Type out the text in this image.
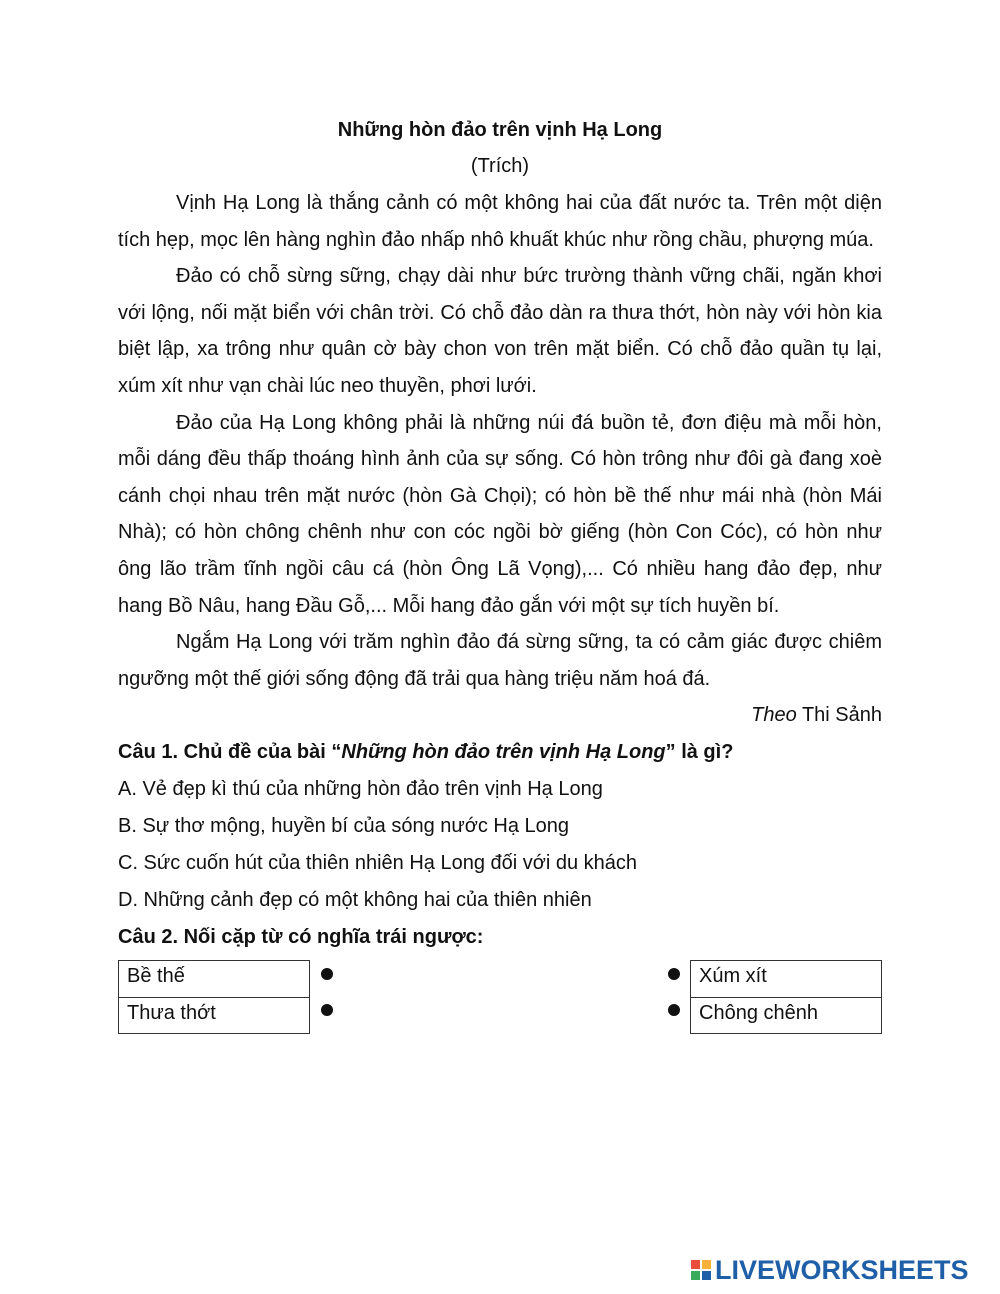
Những hòn đảo trên vịnh Hạ Long

(Trích)

Vịnh Hạ Long là thắng cảnh có một không hai của đất nước ta. Trên một diện tích hẹp, mọc lên hàng nghìn đảo nhấp nhô khuất khúc như rồng chầu, phượng múa.

Đảo có chỗ sừng sững, chạy dài như bức trường thành vững chãi, ngăn khơi với lộng, nối mặt biển với chân trời. Có chỗ đảo dàn ra thưa thớt, hòn này với hòn kia biệt lập, xa trông như quân cờ bày chon von trên mặt biển. Có chỗ đảo quần tụ lại, xúm xít như vạn chài lúc neo thuyền, phơi lưới.

Đảo của Hạ Long không phải là những núi đá buồn tẻ, đơn điệu mà mỗi hòn, mỗi dáng đều thấp thoáng hình ảnh của sự sống. Có hòn trông như đôi gà đang xoè cánh chọi nhau trên mặt nước (hòn Gà Chọi); có hòn bề thế như mái nhà (hòn Mái Nhà); có hòn chông chênh như con cóc ngồi bờ giếng (hòn Con Cóc), có hòn như ông lão trầm tĩnh ngồi câu cá (hòn Ông Lã Vọng),... Có nhiều hang đảo đẹp, như hang Bồ Nâu, hang Đầu Gỗ,... Mỗi hang đảo gắn với một sự tích huyền bí.

Ngắm Hạ Long với trăm nghìn đảo đá sừng sững, ta có cảm giác được chiêm ngưỡng một thế giới sống động đã trải qua hàng triệu năm hoá đá.

Theo Thi Sảnh

Câu 1. Chủ đề của bài “Những hòn đảo trên vịnh Hạ Long” là gì?

A. Vẻ đẹp kì thú của những hòn đảo trên vịnh Hạ Long

B. Sự thơ mộng, huyền bí của sóng nước Hạ Long

C. Sức cuốn hút của thiên nhiên Hạ Long đối với du khách

D. Những cảnh đẹp có một không hai của thiên nhiên

Câu 2. Nối cặp từ có nghĩa trái ngược:

Bề thế
Thưa thớt
Xúm xít
Chông chênh
LIVEWORKSHEETS
